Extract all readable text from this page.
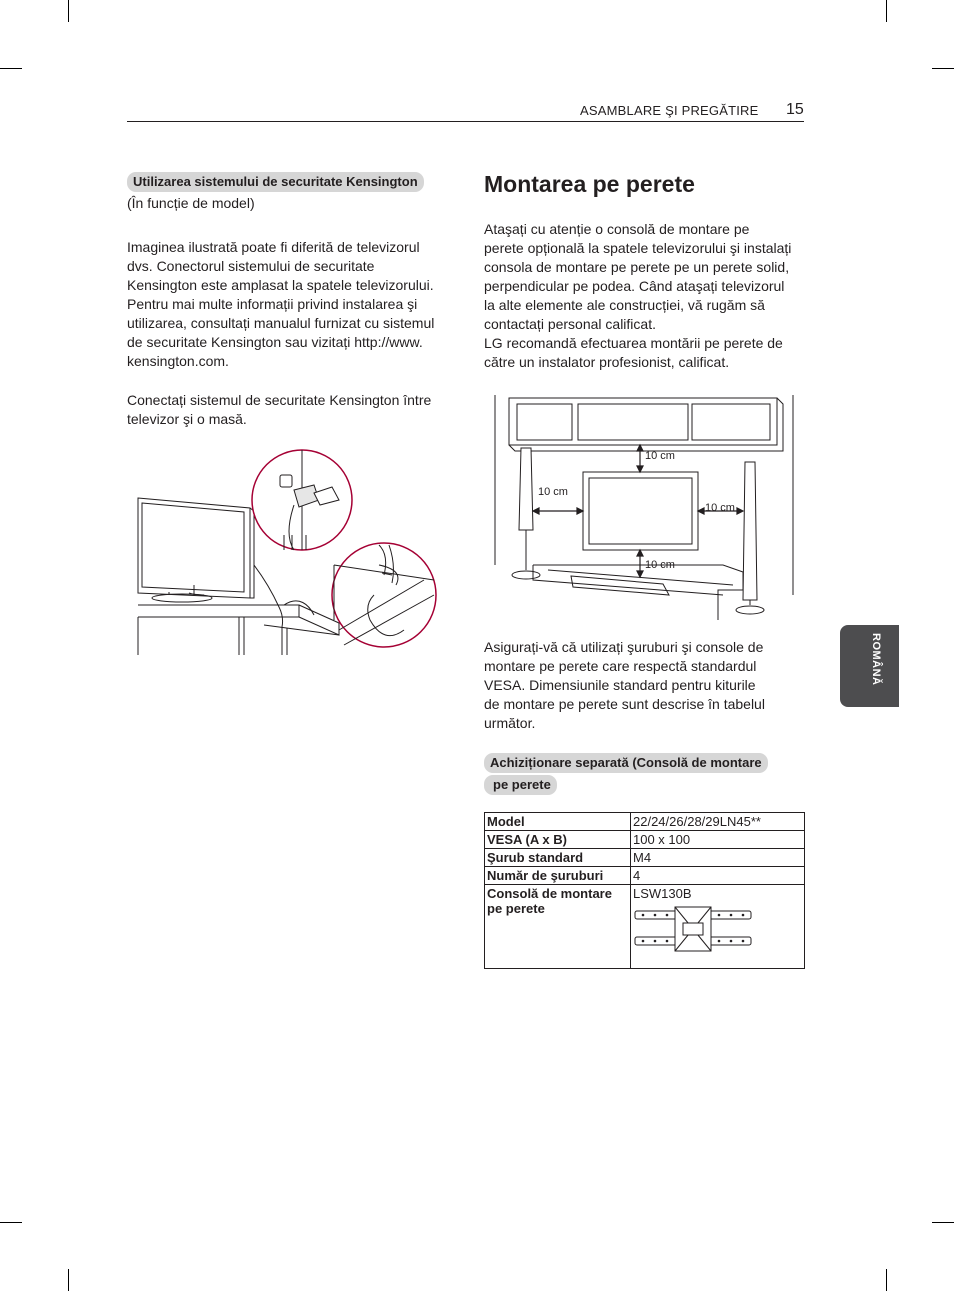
ASAMBLARE ŞI PREGĂTIRE 15
ROMÂNĂ
Utilizarea sistemului de securitate Kensington

(În funcție de model)

Imaginea ilustrată poate fi diferită de televizorul

dvs. Conectorul sistemului de securitate

Kensington este amplasat la spatele televizorului.

Pentru mai multe informații privind instalarea şi

utilizarea, consultați manualul furnizat cu sistemul

de securitate Kensington sau vizitați http://www.

kensington.com.

Conectați sistemul de securitate Kensington între

televizor şi o masă.

Montarea pe perete

Ataşați cu atenție o consolă de montare pe

perete opțională la spatele televizorului şi instalați

consola de montare pe perete pe un perete solid,

perpendicular pe podea. Când ataşați televizorul

la alte elemente ale construcției, vă rugăm să

contactați personal calificat.

LG recomandă efectuarea montării pe perete de

către un instalator profesionist, calificat.

10 cm
10 cm
10 cm
10 cm

Asigurați-vă că utilizați şuruburi şi console de

montare pe perete care respectă standardul

VESA. Dimensiunile standard pentru kiturile

de montare pe perete sunt descrise în tabelul

următor.

Achiziționare separată (Consolă de montare
pe perete
Model	22/24/26/28/29LN45**
VESA (A x B)	100 x 100
Şurub standard	M4
Număr de şuruburi	4
Consolă de montare pe perete	LSW130B
